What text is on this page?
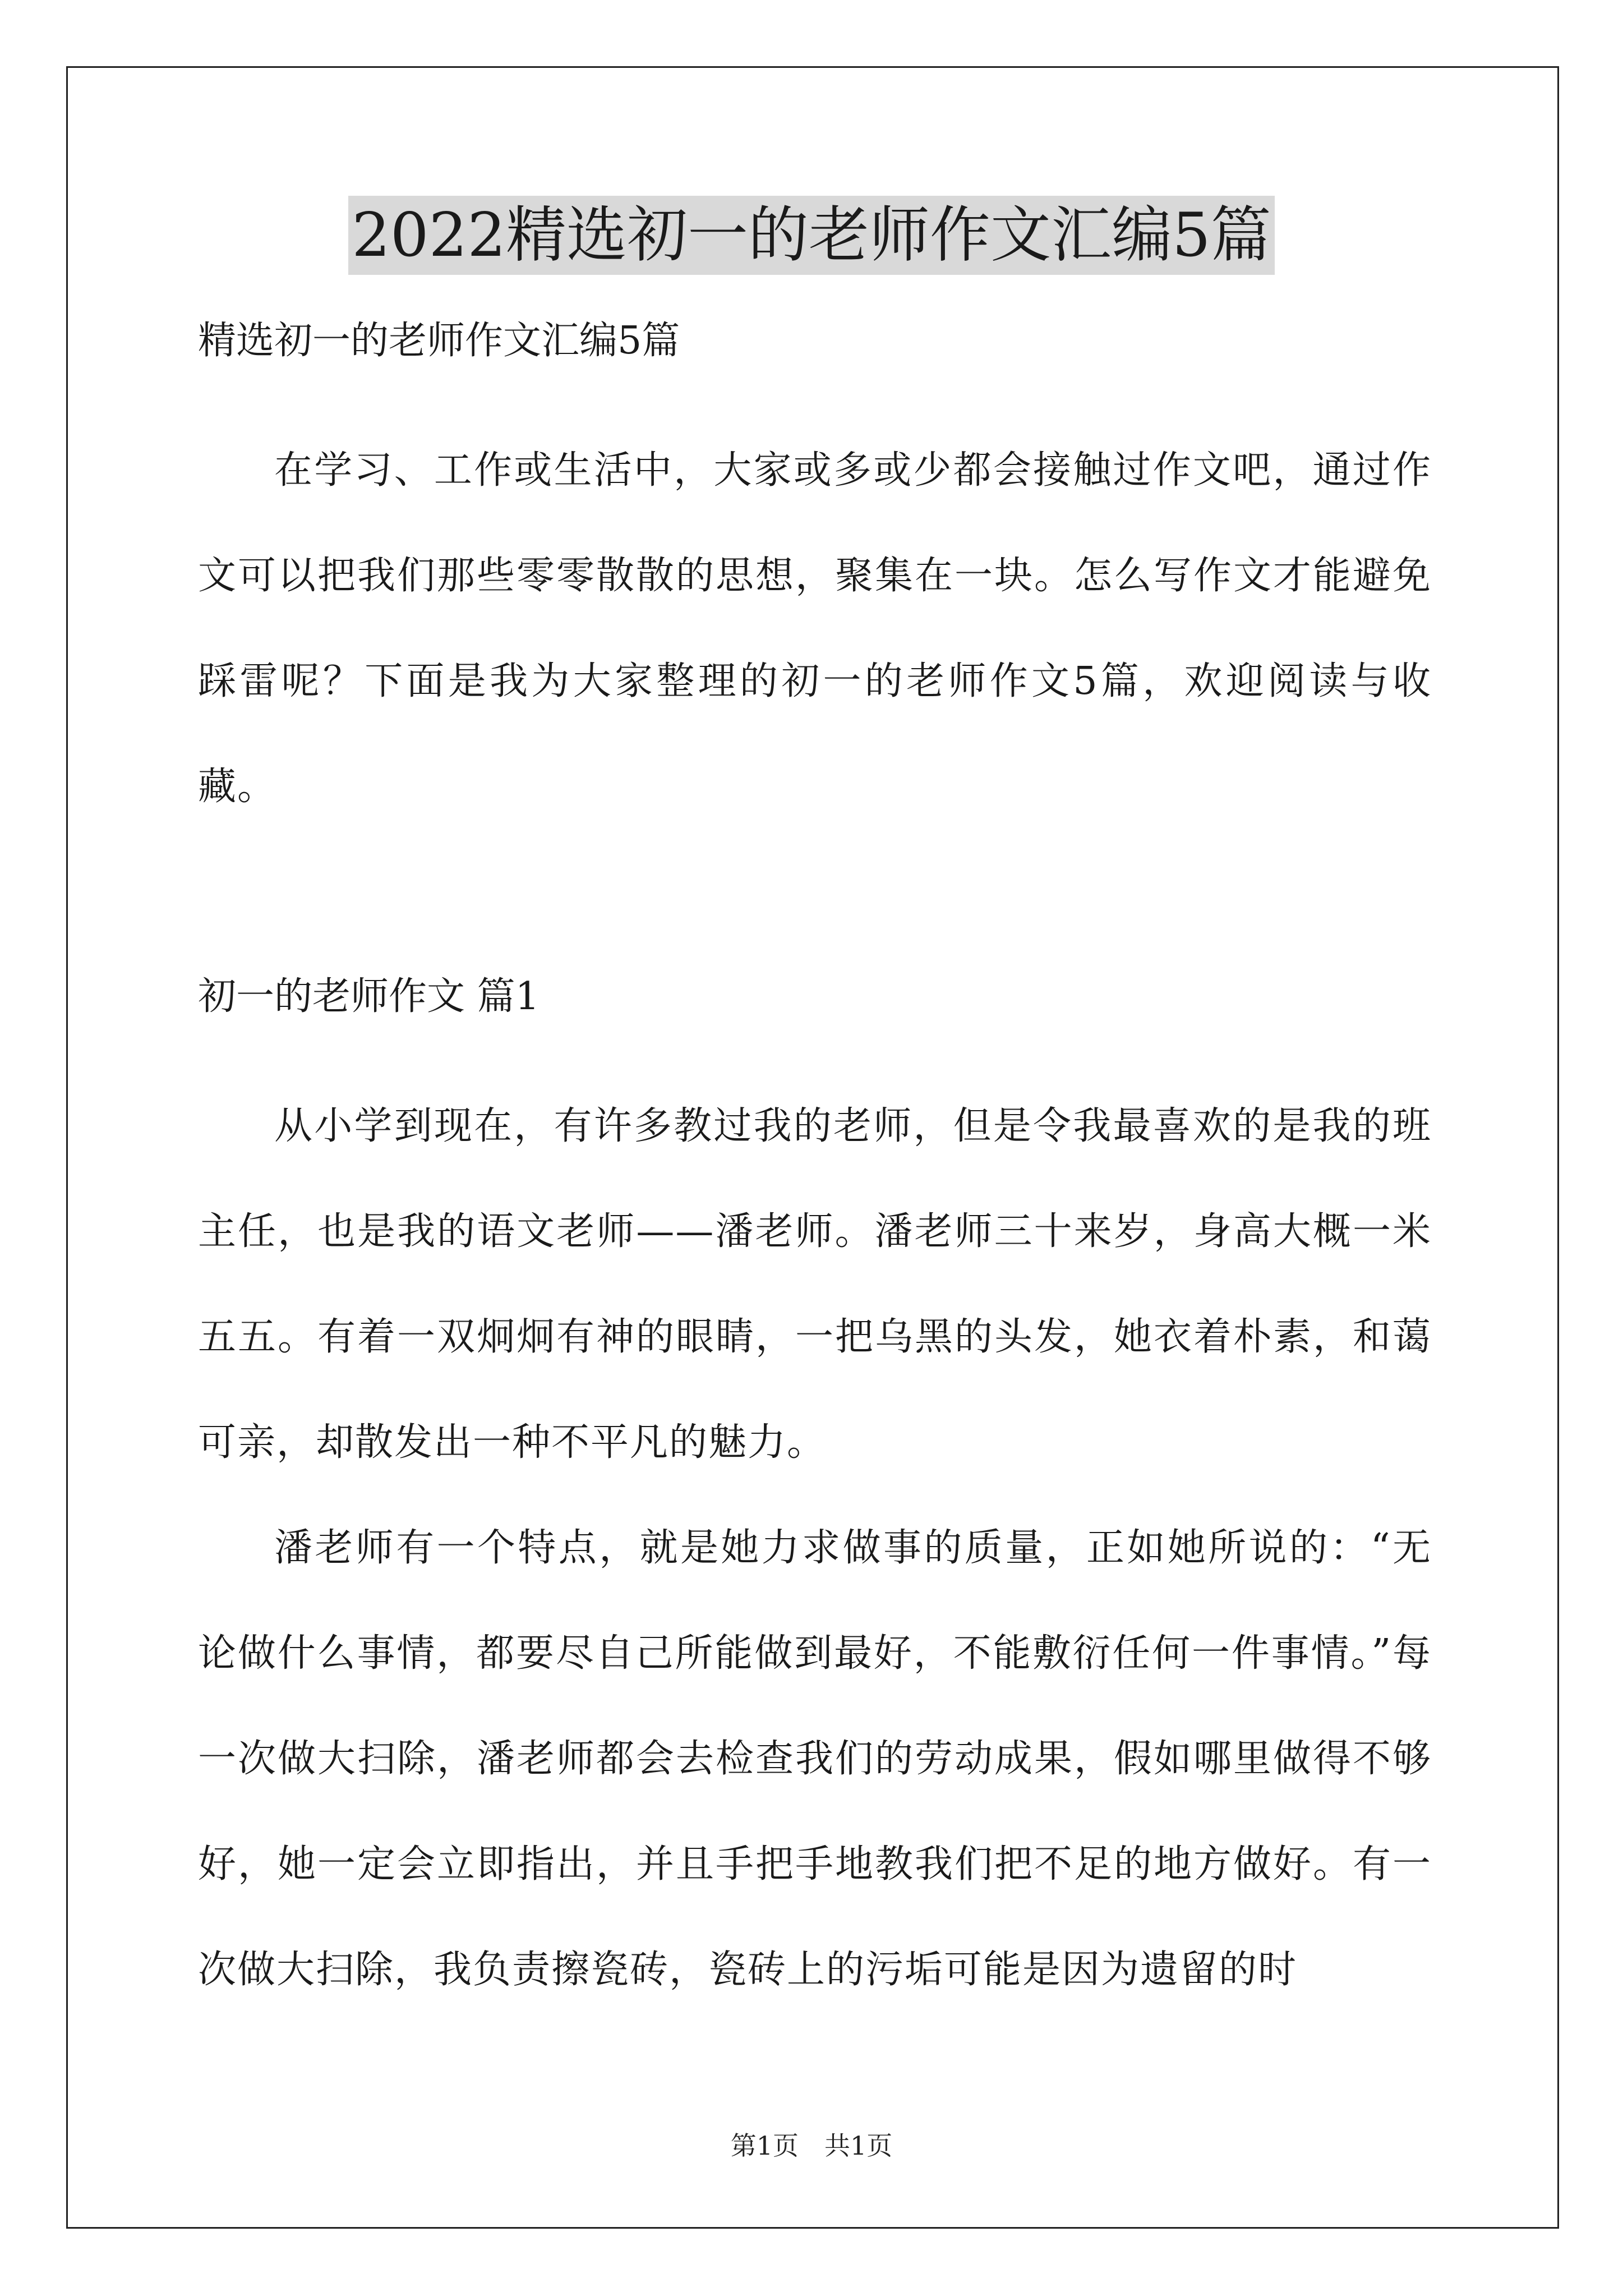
2022精选初一的老师作文汇编5篇

精选初一的老师作文汇编5篇

在学习、工作或生活中，大家或多或少都会接触过作文吧，通过作文可以把我们那些零零散散的思想，聚集在一块。怎么写作文才能避免踩雷呢？下面是我为大家整理的初一的老师作文5篇，欢迎阅读与收藏。

初一的老师作文 篇1

从小学到现在，有许多教过我的老师，但是令我最喜欢的是我的班主任，也是我的语文老师——潘老师。潘老师三十来岁，身高大概一米五五。有着一双炯炯有神的眼睛，一把乌黑的头发，她衣着朴素，和蔼可亲，却散发出一种不平凡的魅力。

潘老师有一个特点，就是她力求做事的质量，正如她所说的：“无论做什么事情，都要尽自己所能做到最好，不能敷衍任何一件事情。”每一次做大扫除，潘老师都会去检查我们的劳动成果，假如哪里做得不够好，她一定会立即指出，并且手把手地教我们把不足的地方做好。有一次做大扫除，我负责擦瓷砖，瓷砖上的污垢可能是因为遗留的时

第1页 共1页
